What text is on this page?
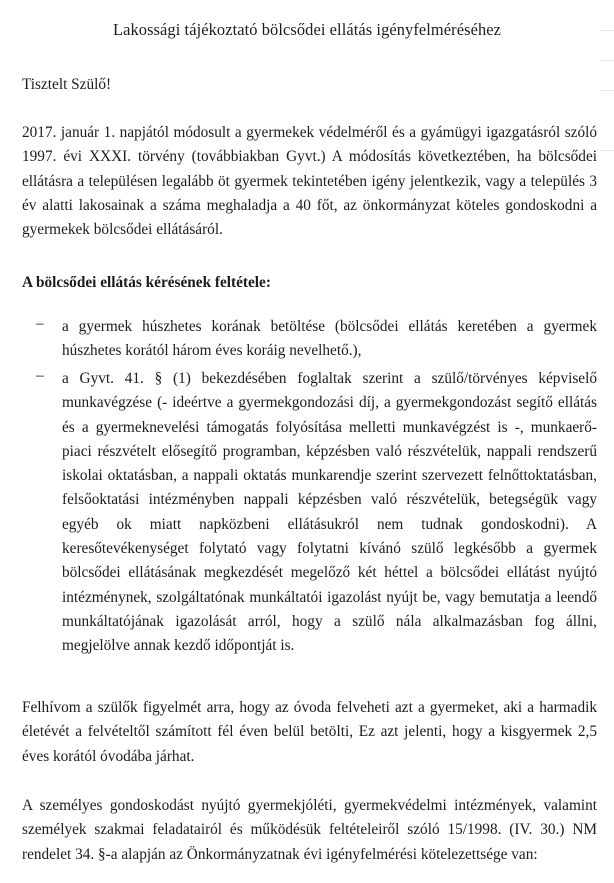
Lakossági tájékoztató bölcsődei ellátás igényfelméréséhez
Tisztelt Szülő!
2017. január 1. napjától módosult a gyermekek védelméről és a gyámügyi igazgatásról szóló 1997. évi XXXI. törvény (továbbiakban Gyvt.) A módosítás következtében, ha bölcsődei ellátásra a településen legalább öt gyermek tekintetében igény jelentkezik, vagy a település 3 év alatti lakosainak a száma meghaladja a 40 főt, az önkormányzat köteles gondoskodni a gyermekek bölcsődei ellátásáról.
A bölcsődei ellátás kérésének feltétele:
– a gyermek húszhetes korának betöltése (bölcsődei ellátás keretében a gyermek húszhetes korától három éves koráig nevelhető.),
– a Gyvt. 41. § (1) bekezdésében foglaltak szerint a szülő/törvényes képviselő munkavégzése (- ideértve a gyermekgondozási díj, a gyermekgondozást segítő ellátás és a gyermeknevelési támogatás folyósítása melletti munkavégzést is -, munkaerő-piaci részvételt elősegítő programban, képzésben való részvételük, nappali rendszerű iskolai oktatásban, a nappali oktatás munkarendje szerint szervezett felnőttoktatásban, felsőoktatási intézményben nappali képzésben való részvételük, betegségük vagy egyéb ok miatt napközbeni ellátásukról nem tudnak gondoskodni). A keresőtevékenységet folytató vagy folytatni kívánó szülő legkésőbb a gyermek bölcsődei ellátásának megkezdését megelőző két héttel a bölcsődei ellátást nyújtó intézménynek, szolgáltatónak munkáltatói igazolást nyújt be, vagy bemutatja a leendő munkáltatójának igazolását arról, hogy a szülő nála alkalmazásban fog állni, megjelölve annak kezdő időpontját is.
Felhívom a szülők figyelmét arra, hogy az óvoda felveheti azt a gyermeket, aki a harmadik életévét a felvételtől számított fél éven belül betölti, Ez azt jelenti, hogy a kisgyermek 2,5 éves korától óvodába járhat.
A személyes gondoskodást nyújtó gyermekjóléti, gyermekvédelmi intézmények, valamint személyek szakmai feladatairól és működésük feltételeiről szóló 15/1998. (IV. 30.) NM rendelet 34. §-a alapján az Önkormányzatnak évi igényfelmérési kötelezettsége van:
